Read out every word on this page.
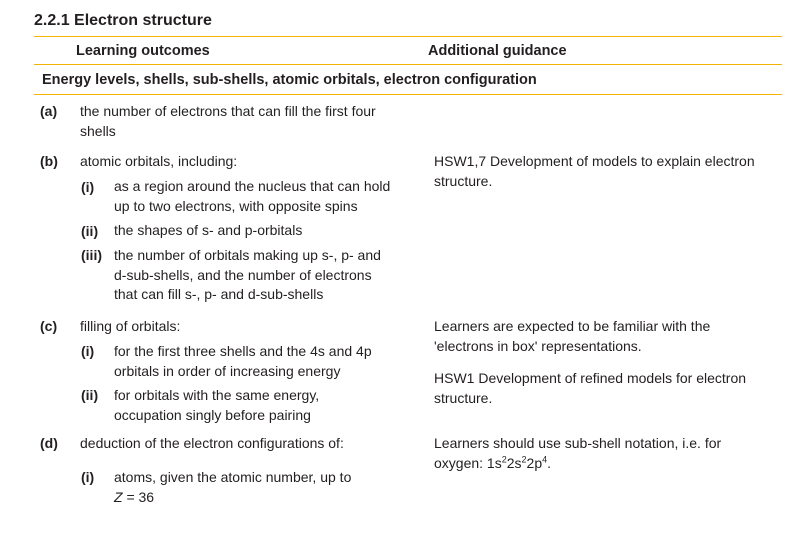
2.2.1 Electron structure
Learning outcomes	Additional guidance
Energy levels, shells, sub-shells, atomic orbitals, electron configuration
(a) the number of electrons that can fill the first four
shells
(b) atomic orbitals, including:
(i) as a region around the nucleus that can hold
up to two electrons, with opposite spins
(ii) the shapes of s- and p-orbitals
(iii) the number of orbitals making up s-, p- and
d-sub-shells, and the number of electrons
that can fill s-, p- and d-sub-shells
HSW1,7 Development of models to explain electron
structure.
(c) filling of orbitals:
(i) for the first three shells and the 4s and 4p
orbitals in order of increasing energy
(ii) for orbitals with the same energy,
occupation singly before pairing
Learners are expected to be familiar with the
'electrons in box' representations.
HSW1 Development of refined models for electron
structure.
(d) deduction of the electron configurations of:
(i) atoms, given the atomic number, up to
Z = 36
Learners should use sub-shell notation, i.e. for
oxygen: $1s^22s^22p^4$.
